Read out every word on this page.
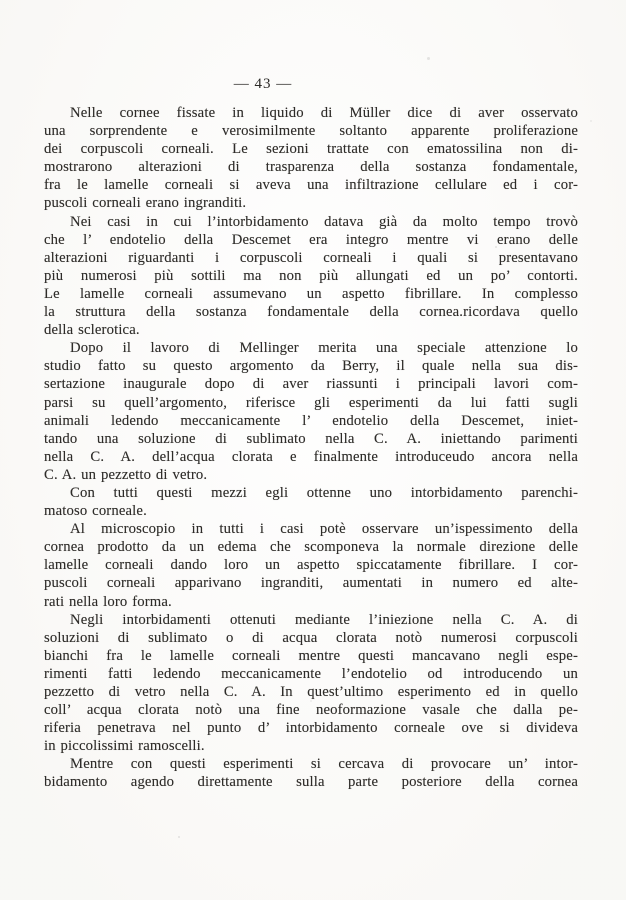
— 43 —

Nelle cornee fissate in liquido di Müller dice di aver osservato
una sorprendente e verosimilmente soltanto apparente proliferazione
dei corpuscoli corneali. Le sezioni trattate con ematossilina non di-
mostrarono alterazioni di trasparenza della sostanza fondamentale,
fra le lamelle corneali si aveva una infiltrazione cellulare ed i cor-
puscoli corneali erano ingranditi.

Nei casi in cui l’intorbidamento datava già da molto tempo trovò
che l’ endotelio della Descemet era integro mentre vi erano delle
alterazioni riguardanti i corpuscoli corneali i quali si presentavano
più numerosi più sottili ma non più allungati ed un po’ contorti.
Le lamelle corneali assumevano un aspetto fibrillare. In complesso
la struttura della sostanza fondamentale della cornea.ricordava quello
della sclerotica.

Dopo il lavoro di Mellinger merita una speciale attenzione lo
studio fatto su questo argomento da Berry, il quale nella sua dis-
sertazione inaugurale dopo di aver riassunti i principali lavori com-
parsi su quell’argomento, riferisce gli esperimenti da lui fatti sugli
animali ledendo meccanicamente l’ endotelio della Descemet, iniet-
tando una soluzione di sublimato nella C. A. iniettando parimenti
nella C. A. dell’acqua clorata e finalmente introduceudo ancora nella
C. A. un pezzetto di vetro.

Con tutti questi mezzi egli ottenne uno intorbidamento parenchi-
matoso corneale.

Al microscopio in tutti i casi potè osservare un’ispessimento della
cornea prodotto da un edema che scomponeva la normale direzione delle
lamelle corneali dando loro un aspetto spiccatamente fibrillare. I cor-
puscoli corneali apparivano ingranditi, aumentati in numero ed alte-
rati nella loro forma.

Negli intorbidamenti ottenuti mediante l’iniezione nella C. A. di
soluzioni di sublimato o di acqua clorata notò numerosi corpuscoli
bianchi fra le lamelle corneali mentre questi mancavano negli espe-
rimenti fatti ledendo meccanicamente l’endotelio od introducendo un
pezzetto di vetro nella C. A. In quest’ultimo esperimento ed in quello
coll’ acqua clorata notò una fine neoformazione vasale che dalla pe-
riferia penetrava nel punto d’ intorbidamento corneale ove si divideva
in piccolissimi ramoscelli.

Mentre con questi esperimenti si cercava di provocare un’ intor-
bidamento agendo direttamente sulla parte posteriore della cornea
